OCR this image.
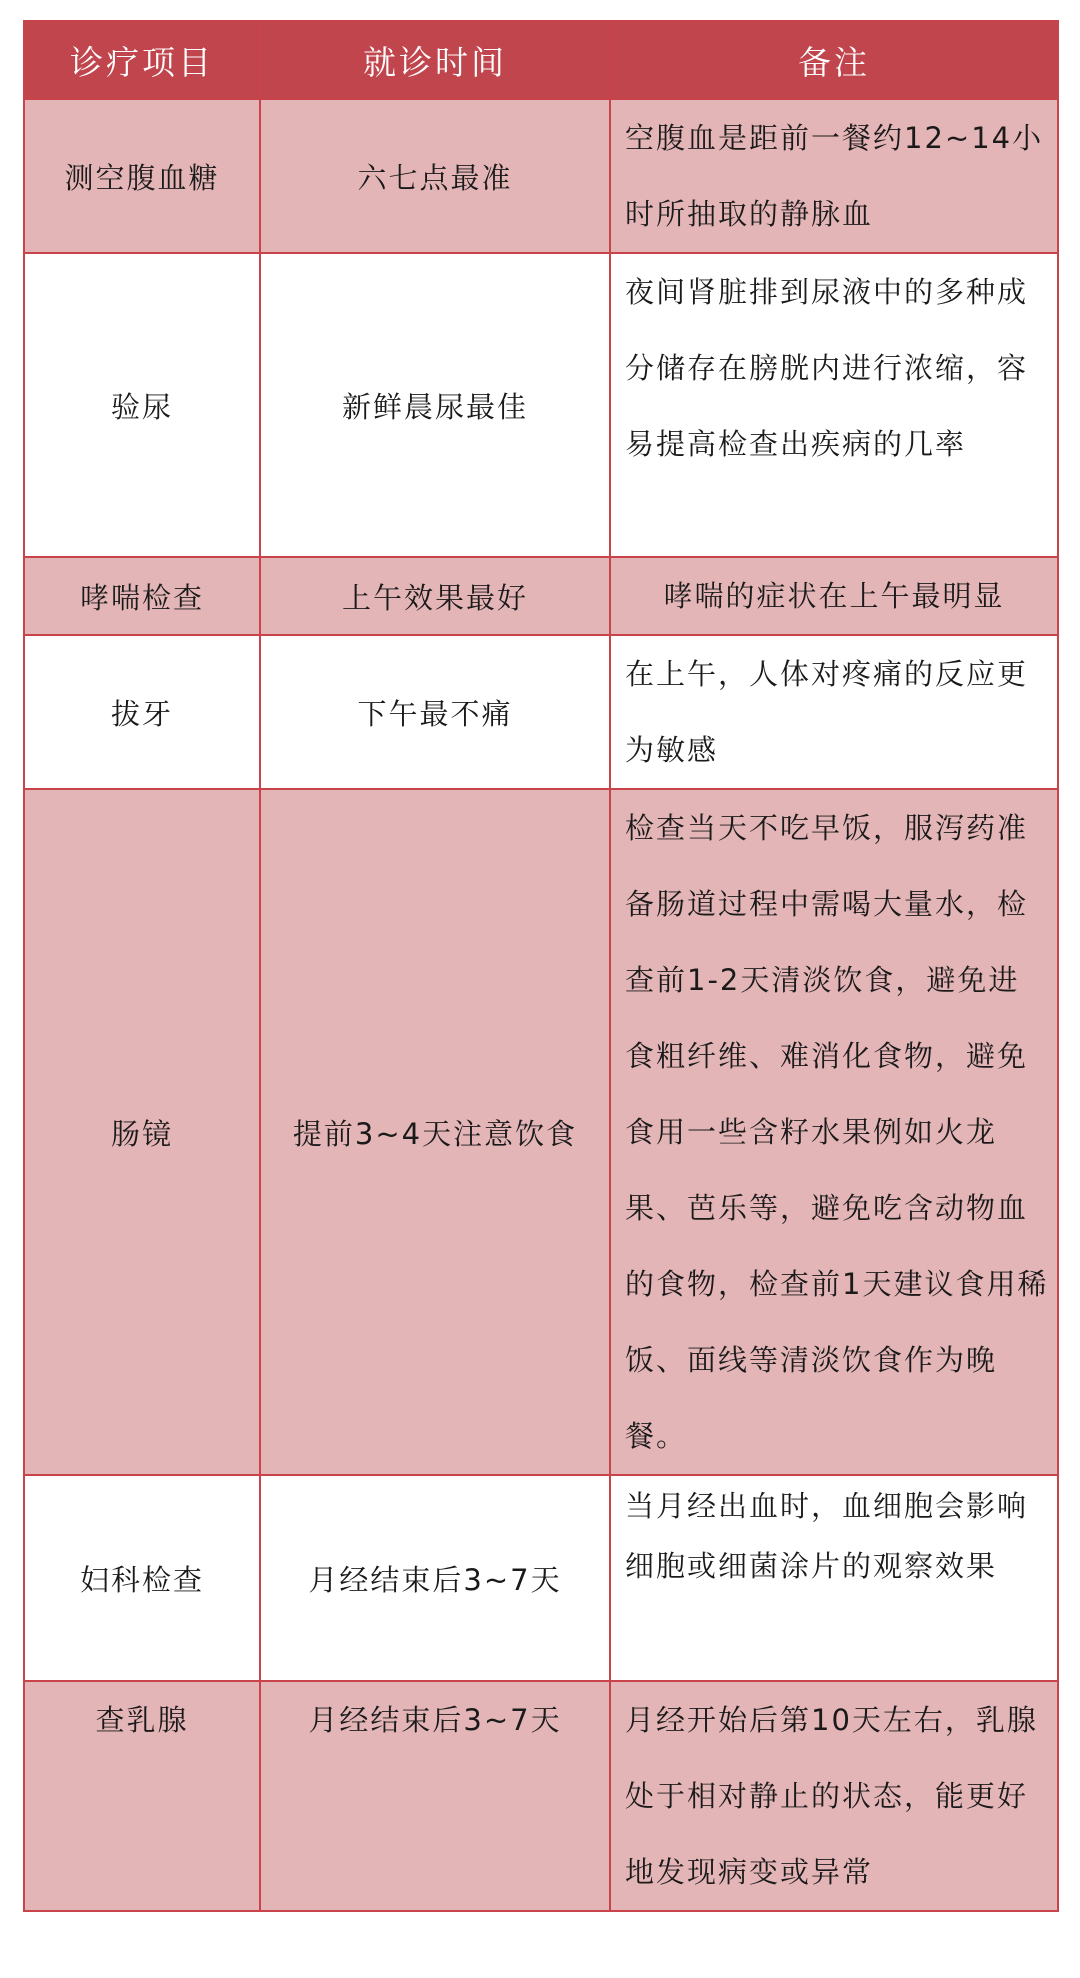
诊疗项目	就诊时间	备注
测空腹血糖	六七点最准	空腹血是距前一餐约12~14小时所抽取的静脉血
验尿	新鲜晨尿最佳	夜间肾脏排到尿液中的多种成分储存在膀胱内进行浓缩，容易提高检查出疾病的几率
哮喘检查	上午效果最好	哮喘的症状在上午最明显
拔牙	下午最不痛	在上午，人体对疼痛的反应更为敏感
肠镜	提前3~4天注意饮食	检查当天不吃早饭，服泻药准备肠道过程中需喝大量水，检查前1-2天清淡饮食，避免进食粗纤维、难消化食物，避免食用一些含籽水果例如火龙果、芭乐等，避免吃含动物血的食物，检查前1天建议食用稀饭、面线等清淡饮食作为晚餐。
妇科检查	月经结束后3~7天	当月经出血时，血细胞会影响细胞或细菌涂片的观察效果
查乳腺	月经结束后3~7天	月经开始后第10天左右，乳腺处于相对静止的状态，能更好地发现病变或异常
